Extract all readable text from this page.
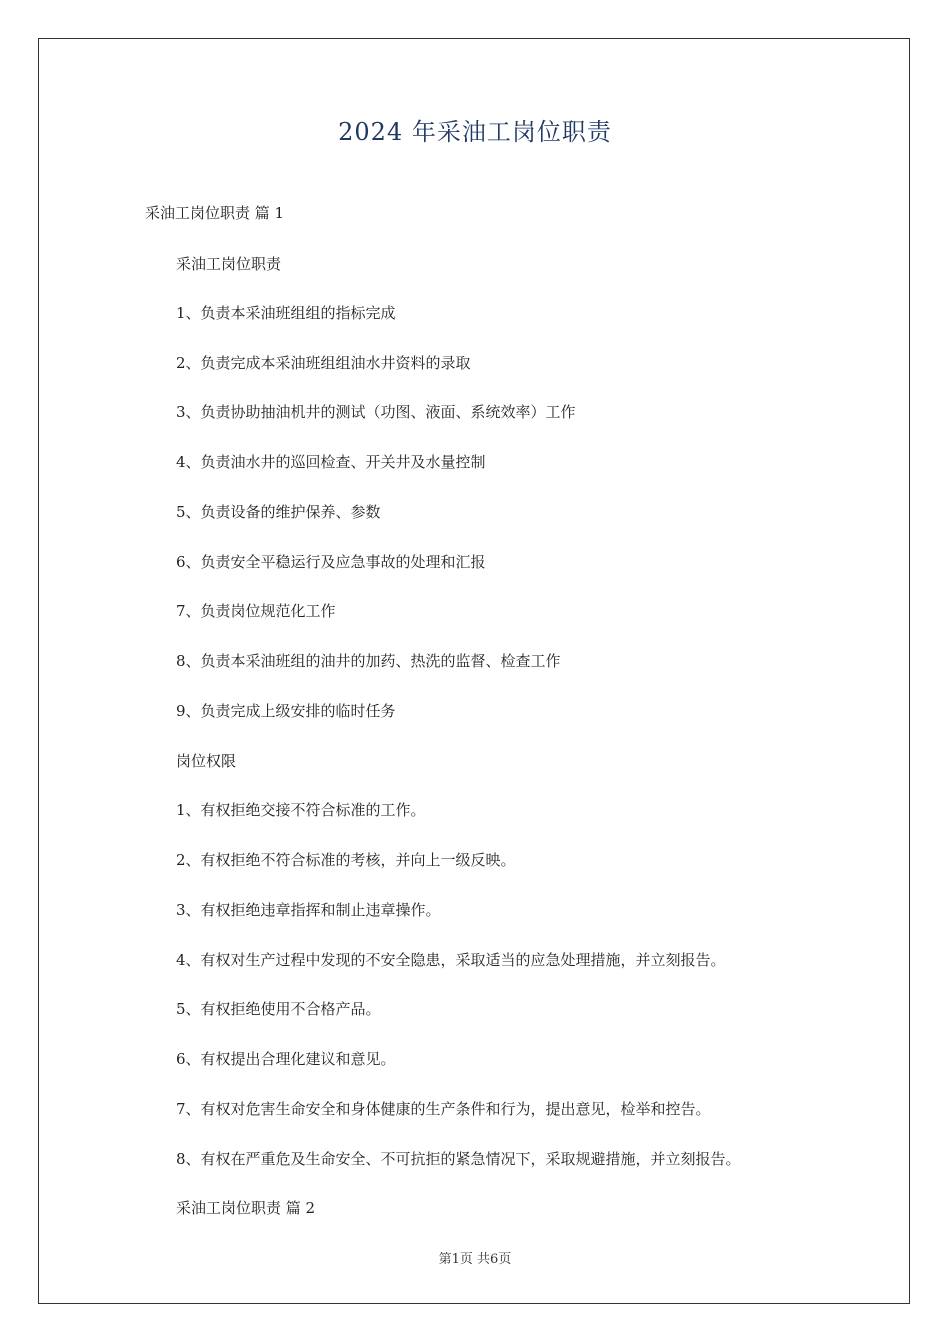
2024 年采油工岗位职责
采油工岗位职责 篇 1
采油工岗位职责
1、负责本采油班组组的指标完成
2、负责完成本采油班组组油水井资料的录取
3、负责协助抽油机井的测试（功图、液面、系统效率）工作
4、负责油水井的巡回检查、开关井及水量控制
5、负责设备的维护保养、参数
6、负责安全平稳运行及应急事故的处理和汇报
7、负责岗位规范化工作
8、负责本采油班组的油井的加药、热洗的监督、检查工作
9、负责完成上级安排的临时任务
岗位权限
1、有权拒绝交接不符合标准的工作。
2、有权拒绝不符合标准的考核，并向上一级反映。
3、有权拒绝违章指挥和制止违章操作。
4、有权对生产过程中发现的不安全隐患，采取适当的应急处理措施，并立刻报告。
5、有权拒绝使用不合格产品。
6、有权提出合理化建议和意见。
7、有权对危害生命安全和身体健康的生产条件和行为，提出意见，检举和控告。
8、有权在严重危及生命安全、不可抗拒的紧急情况下，采取规避措施，并立刻报告。
采油工岗位职责 篇 2
第1页 共6页
